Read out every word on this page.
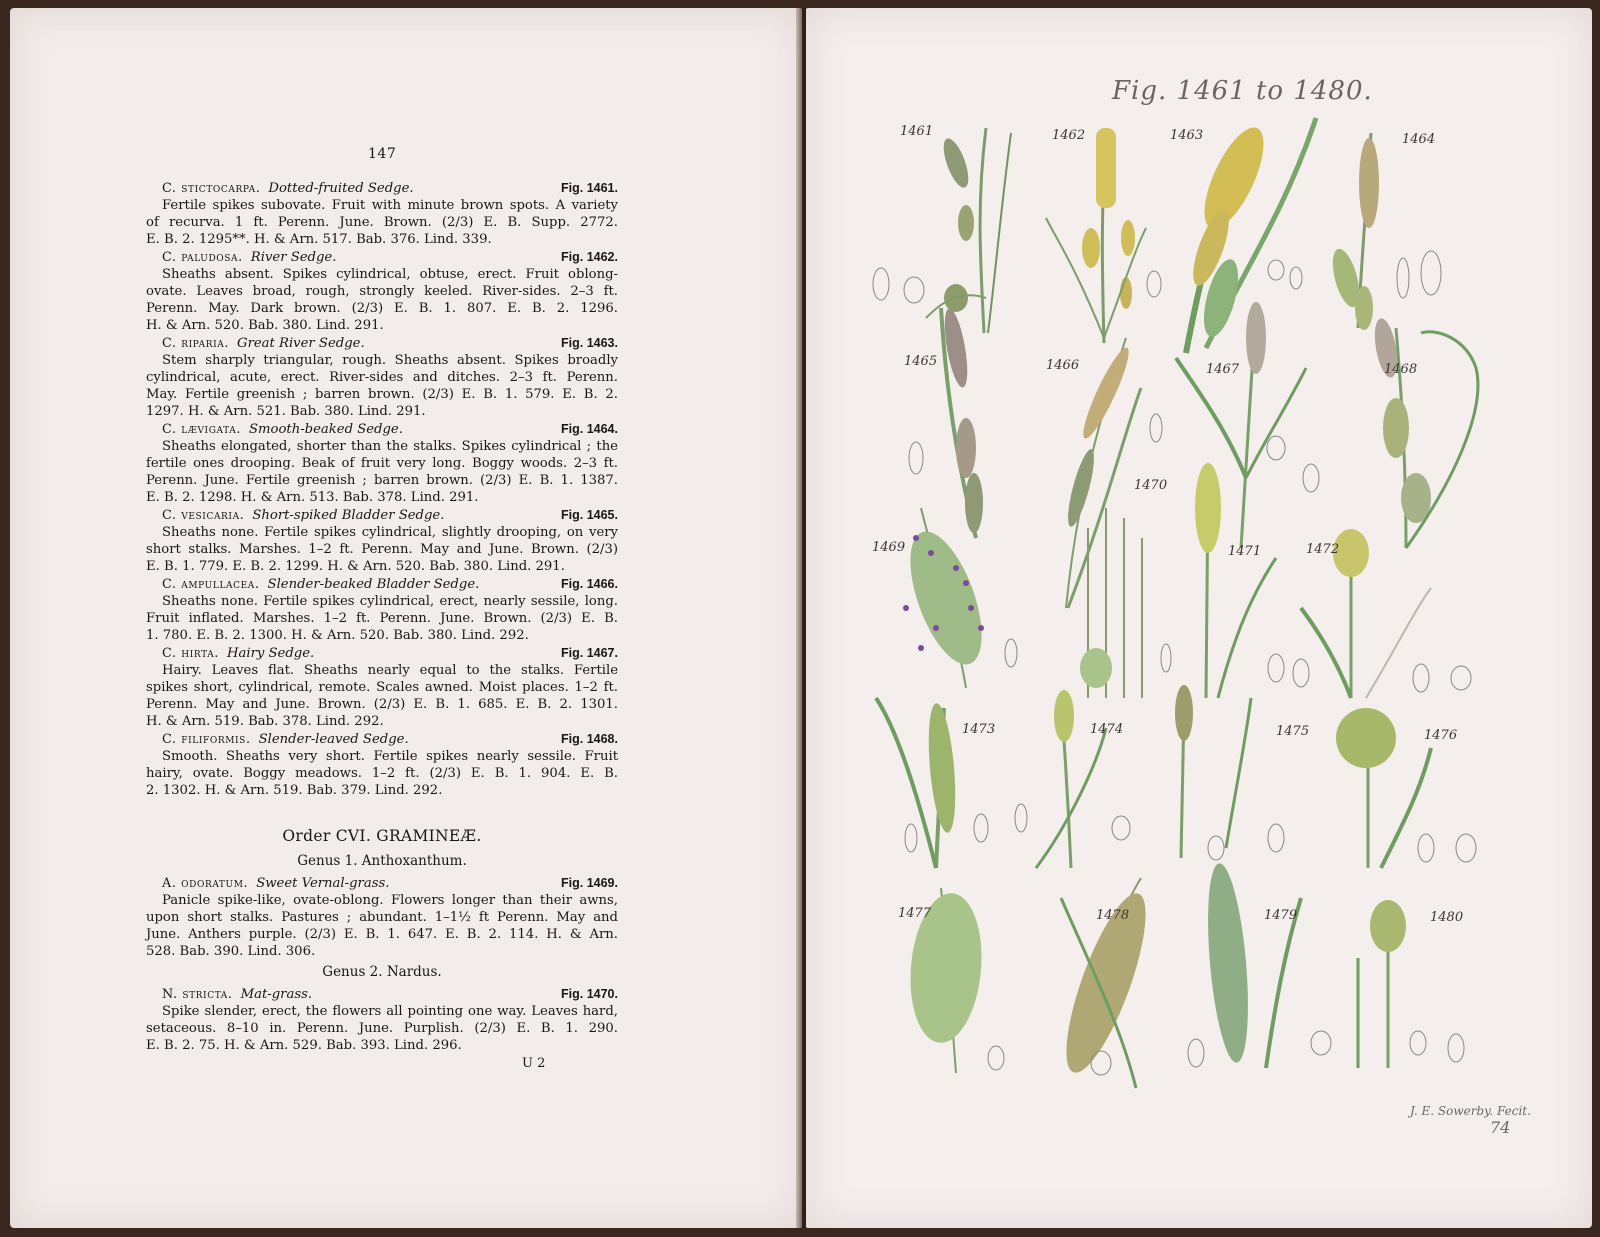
147
C. stictocarpa. Dotted-fruited Sedge.	Fig. 1461.
Fertile spikes subovate. Fruit with minute brown spots. A variety
of recurva. 1 ft. Perenn. June. Brown. (2/3) E. B. Supp. 2772.
E. B. 2. 1295**. H. & Arn. 517. Bab. 376. Lind. 339.
C. paludosa. River Sedge.	Fig. 1462.
Sheaths absent. Spikes cylindrical, obtuse, erect. Fruit oblong-
ovate. Leaves broad, rough, strongly keeled. River-sides. 2–3 ft.
Perenn. May. Dark brown. (2/3) E. B. 1. 807. E. B. 2. 1296.
H. & Arn. 520. Bab. 380. Lind. 291.
C. riparia. Great River Sedge.	Fig. 1463.
Stem sharply triangular, rough. Sheaths absent. Spikes broadly
cylindrical, acute, erect. River-sides and ditches. 2–3 ft. Perenn.
May. Fertile greenish ; barren brown. (2/3) E. B. 1. 579. E. B. 2.
1297. H. & Arn. 521. Bab. 380. Lind. 291.
C. lævigata. Smooth-beaked Sedge.	Fig. 1464.
Sheaths elongated, shorter than the stalks. Spikes cylindrical ; the
fertile ones drooping. Beak of fruit very long. Boggy woods. 2–3 ft.
Perenn. June. Fertile greenish ; barren brown. (2/3) E. B. 1. 1387.
E. B. 2. 1298. H. & Arn. 513. Bab. 378. Lind. 291.
C. vesicaria. Short-spiked Bladder Sedge.	Fig. 1465.
Sheaths none. Fertile spikes cylindrical, slightly drooping, on very
short stalks. Marshes. 1–2 ft. Perenn. May and June. Brown. (2/3)
E. B. 1. 779. E. B. 2. 1299. H. & Arn. 520. Bab. 380. Lind. 291.
C. ampullacea. Slender-beaked Bladder Sedge.	Fig. 1466.
Sheaths none. Fertile spikes cylindrical, erect, nearly sessile, long.
Fruit inflated. Marshes. 1–2 ft. Perenn. June. Brown. (2/3) E. B.
1. 780. E. B. 2. 1300. H. & Arn. 520. Bab. 380. Lind. 292.
C. hirta. Hairy Sedge.	Fig. 1467.
Hairy. Leaves flat. Sheaths nearly equal to the stalks. Fertile
spikes short, cylindrical, remote. Scales awned. Moist places. 1–2 ft.
Perenn. May and June. Brown. (2/3) E. B. 1. 685. E. B. 2. 1301.
H. & Arn. 519. Bab. 378. Lind. 292.
C. filiformis. Slender-leaved Sedge.	Fig. 1468.
Smooth. Sheaths very short. Fertile spikes nearly sessile. Fruit
hairy, ovate. Boggy meadows. 1–2 ft. (2/3) E. B. 1. 904. E. B.
2. 1302. H. & Arn. 519. Bab. 379. Lind. 292.
Order CVI. GRAMINEÆ.
Genus 1. Anthoxanthum.
A. odoratum. Sweet Vernal-grass.	Fig. 1469.
Panicle spike-like, ovate-oblong. Flowers longer than their awns,
upon short stalks. Pastures ; abundant. 1–1½ ft Perenn. May and
June. Anthers purple. (2/3) E. B. 1. 647. E. B. 2. 114. H. & Arn.
528. Bab. 390. Lind. 306.
Genus 2. Nardus.
N. stricta. Mat-grass.	Fig. 1470.
Spike slender, erect, the flowers all pointing one way. Leaves hard,
setaceous. 8–10 in. Perenn. June. Purplish. (2/3) E. B. 1. 290.
E. B. 2. 75. H. & Arn. 529. Bab. 393. Lind. 296.
U 2
Fig. 1461 to 1480.
1461	1462	1463	1464
1465	1466	1467	1468
1469
1470
1471	1472
1473	1474	1475	1476
1477	1478	1479	1480
J. E. Sowerby. Fecit.
74
